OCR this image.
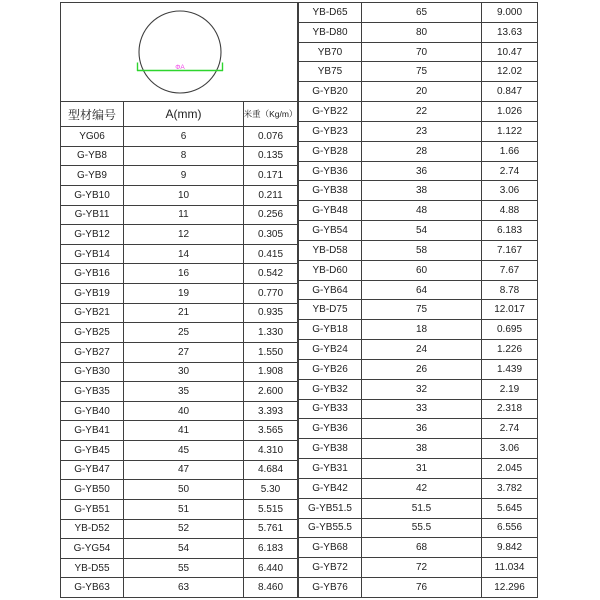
ΦA
型材编号	A(mm)	米重（Kg/m）
YG06	6	0.076
G-YB8	8	0.135
G-YB9	9	0.171
G-YB10	10	0.211
G-YB11	11	0.256
G-YB12	12	0.305
G-YB14	14	0.415
G-YB16	16	0.542
G-YB19	19	0.770
G-YB21	21	0.935
G-YB25	25	1.330
G-YB27	27	1.550
G-YB30	30	1.908
G-YB35	35	2.600
G-YB40	40	3.393
G-YB41	41	3.565
G-YB45	45	4.310
G-YB47	47	4.684
G-YB50	50	5.30
G-YB51	51	5.515
YB-D52	52	5.761
G-YG54	54	6.183
YB-D55	55	6.440
G-YB63	63	8.460
YB-D65	65	9.000
YB-D80	80	13.63
YB70	70	10.47
YB75	75	12.02
G-YB20	20	0.847
G-YB22	22	1.026
G-YB23	23	1.122
G-YB28	28	1.66
G-YB36	36	2.74
G-YB38	38	3.06
G-YB48	48	4.88
G-YB54	54	6.183
YB-D58	58	7.167
YB-D60	60	7.67
G-YB64	64	8.78
YB-D75	75	12.017
G-YB18	18	0.695
G-YB24	24	1.226
G-YB26	26	1.439
G-YB32	32	2.19
G-YB33	33	2.318
G-YB36	36	2.74
G-YB38	38	3.06
G-YB31	31	2.045
G-YB42	42	3.782
G-YB51.5	51.5	5.645
G-YB55.5	55.5	6.556
G-YB68	68	9.842
G-YB72	72	11.034
G-YB76	76	12.296
